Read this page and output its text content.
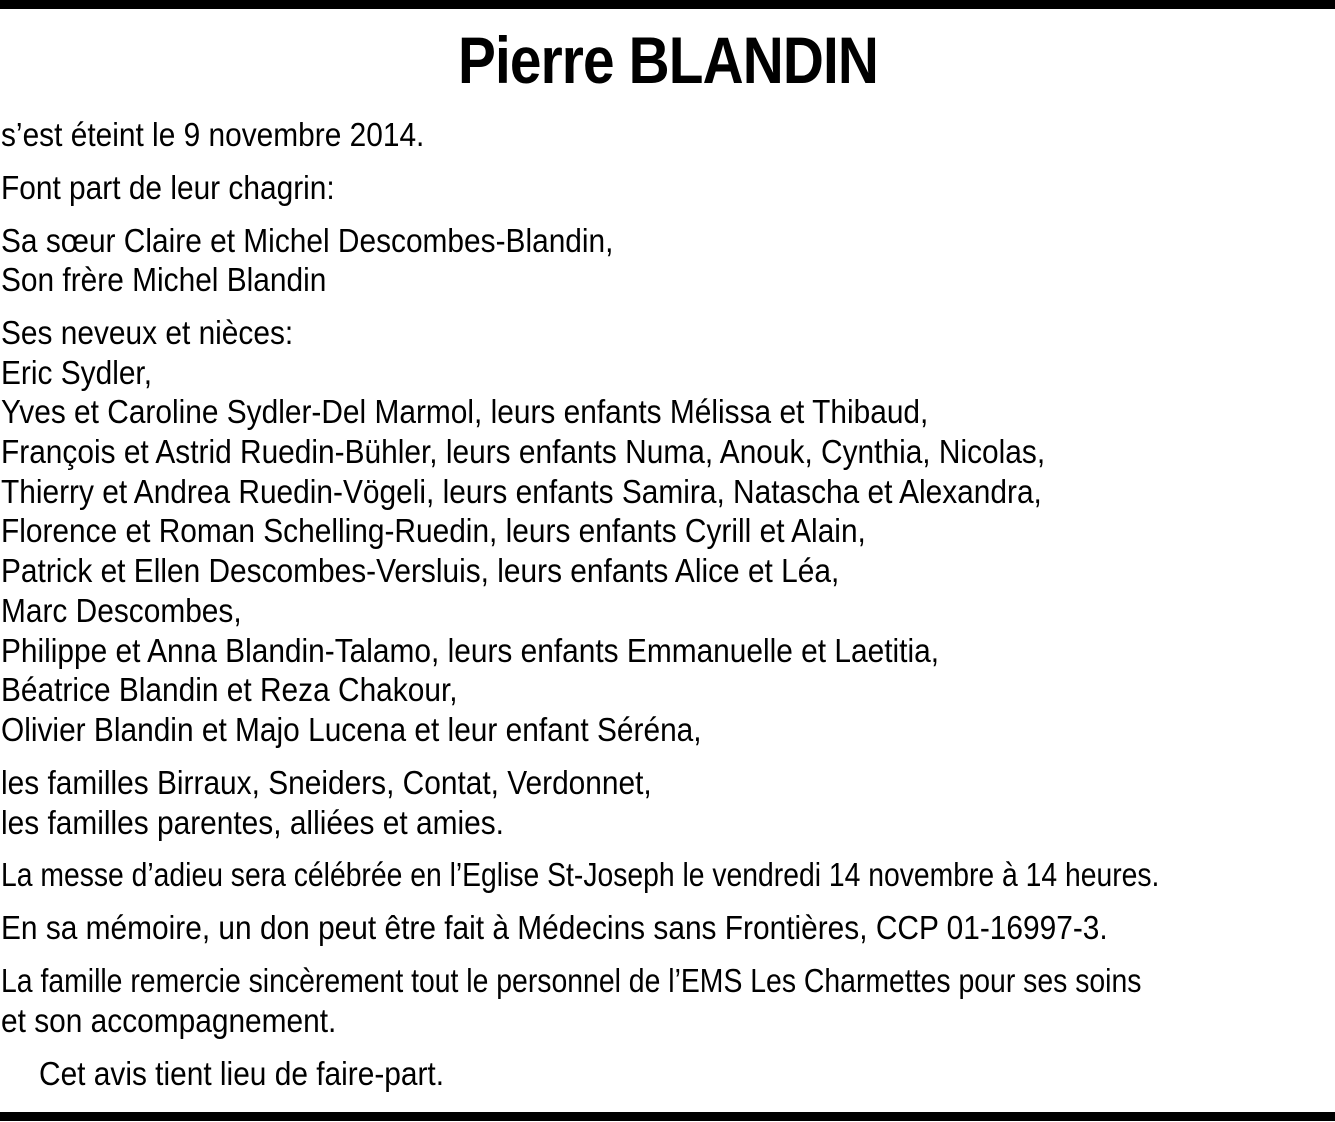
Pierre BLANDIN
s’est éteint le 9 novembre 2014.
Font part de leur chagrin:
Sa sœur Claire et Michel Descombes-Blandin,
Son frère Michel Blandin
Ses neveux et nièces:
Eric Sydler,
Yves et Caroline Sydler-Del Marmol, leurs enfants Mélissa et Thibaud,
François et Astrid Ruedin-Bühler, leurs enfants Numa, Anouk, Cynthia, Nicolas,
Thierry et Andrea Ruedin-Vögeli, leurs enfants Samira, Natascha et Alexandra,
Florence et Roman Schelling-Ruedin, leurs enfants Cyrill et Alain,
Patrick et Ellen Descombes-Versluis, leurs enfants Alice et Léa,
Marc Descombes,
Philippe et Anna Blandin-Talamo, leurs enfants Emmanuelle et Laetitia,
Béatrice Blandin et Reza Chakour,
Olivier Blandin et Majo Lucena et leur enfant Séréna,
les familles Birraux, Sneiders, Contat, Verdonnet,
les familles parentes, alliées et amies.
La messe d’adieu sera célébrée en l’Eglise St-Joseph le vendredi 14 novembre à 14 heures.
En sa mémoire, un don peut être fait à Médecins sans Frontières, CCP 01-16997-3.
La famille remercie sincèrement tout le personnel de l’EMS Les Charmettes pour ses soins
et son accompagnement.
Cet avis tient lieu de faire-part.
